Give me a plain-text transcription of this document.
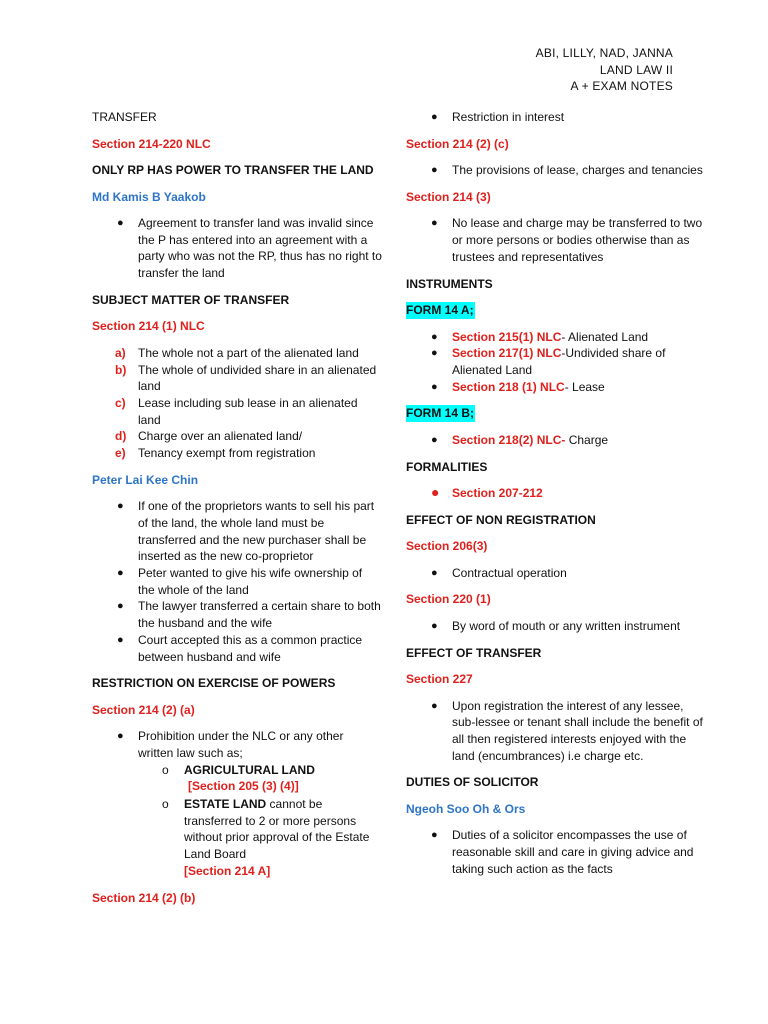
ABI, LILLY, NAD, JANNA
LAND LAW II
A + EXAM NOTES
TRANSFER
Section 214-220 NLC
ONLY RP HAS POWER TO TRANSFER THE LAND
Md Kamis B Yaakob
● Agreement to transfer land was invalid since the P has entered into an agreement with a party who was not the RP, thus has no right to transfer the land
SUBJECT MATTER OF TRANSFER
Section 214 (1) NLC
a) The whole not a part of the alienated land
b) The whole of undivided share in an alienated land
c) Lease including sub lease in an alienated land
d) Charge over an alienated land/
e) Tenancy exempt from registration
Peter Lai Kee Chin
● If one of the proprietors wants to sell his part of the land, the whole land must be transferred and the new purchaser shall be inserted as the new co-proprietor
● Peter wanted to give his wife ownership of the whole of the land
● The lawyer transferred a certain share to both the husband and the wife
● Court accepted this as a common practice between husband and wife
RESTRICTION ON EXERCISE OF POWERS
Section 214 (2) (a)
● Prohibition under the NLC or any other written law such as;
o AGRICULTURAL LAND
[Section 205 (3) (4)]
o ESTATE LAND cannot be transferred to 2 or more persons without prior approval of the Estate Land Board
[Section 214 A]
Section 214 (2) (b)
● Restriction in interest
Section 214 (2) (c)
● The provisions of lease, charges and tenancies
Section 214 (3)
● No lease and charge may be transferred to two or more persons or bodies otherwise than as trustees and representatives
INSTRUMENTS
FORM 14 A;
● Section 215(1) NLC- Alienated Land
● Section 217(1) NLC-Undivided share of Alienated Land
● Section 218 (1) NLC- Lease
FORM 14 B;
● Section 218(2) NLC- Charge
FORMALITIES
● Section 207-212
EFFECT OF NON REGISTRATION
Section 206(3)
● Contractual operation
Section 220 (1)
● By word of mouth or any written instrument
EFFECT OF TRANSFER
Section 227
● Upon registration the interest of any lessee, sub-lessee or tenant shall include the benefit of all then registered interests enjoyed with the land (encumbrances) i.e charge etc.
DUTIES OF SOLICITOR
Ngeoh Soo Oh & Ors
● Duties of a solicitor encompasses the use of reasonable skill and care in giving advice and taking such action as the facts
